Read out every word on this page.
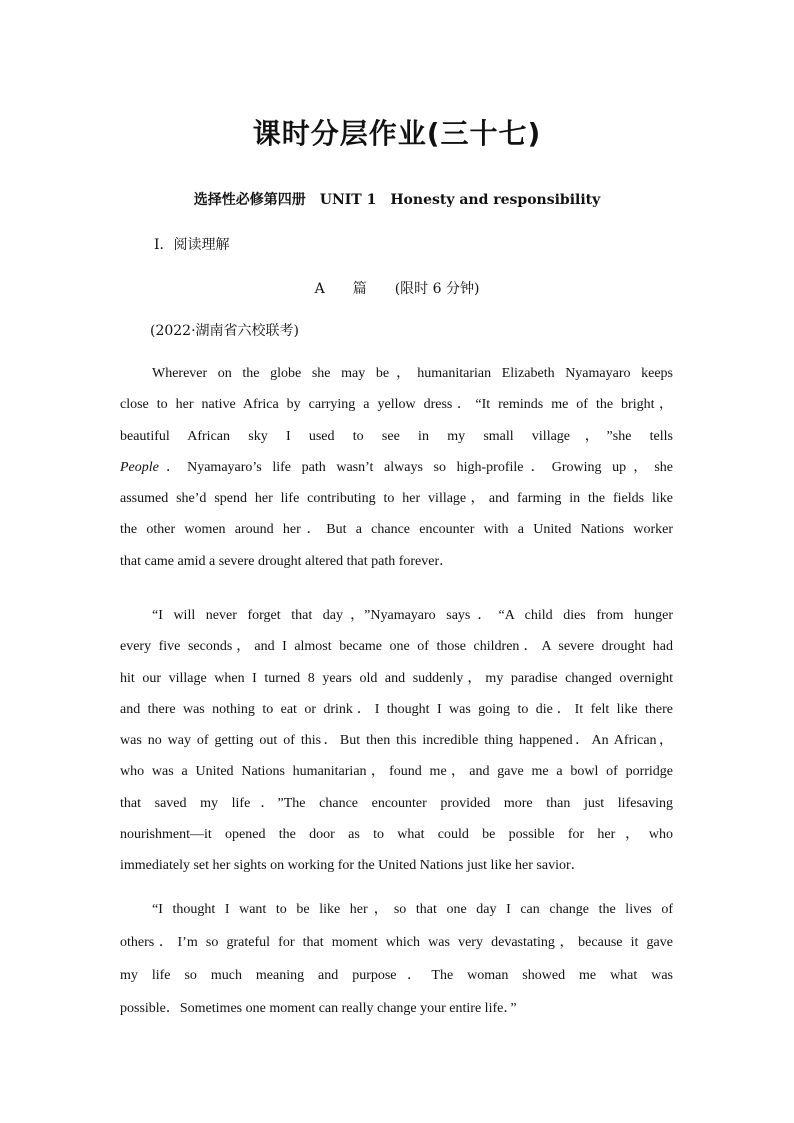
课时分层作业(三十七)
选择性必修第四册　UNIT 1　Honesty and responsibility
Ⅰ．阅读理解
A　　篇　　(限时 6 分钟)
(2022·湖南省六校联考)
Wherever on the globe she may be，humanitarian Elizabeth Nyamayaro keeps
close to her native Africa by carrying a yellow dress．“It reminds me of the bright，
beautiful African sky I used to see in my small village，”she tells
People．Nyamayaro’s life path wasn’t always so high-profile．Growing up，she
assumed she’d spend her life contributing to her village，and farming in the fields like
the other women around her．But a chance encounter with a United Nations worker
that came amid a severe drought altered that path forever．
“I will never forget that day，”Nyamayaro says．“A child dies from hunger
every five seconds，and I almost became one of those children．A severe drought had
hit our village when I turned 8 years old and suddenly，my paradise changed overnight
and there was nothing to eat or drink．I thought I was going to die．It felt like there
was no way of getting out of this．But then this incredible thing happened．An African，
who was a United Nations humanitarian，found me，and gave me a bowl of porridge
that saved my life．”The chance encounter provided more than just lifesaving
nourishment—it opened the door as to what could be possible for her，who
immediately set her sights on working for the United Nations just like her savior．
“I thought I want to be like her，so that one day I can change the lives of
others．I’m so grateful for that moment which was very devastating，because it gave
my life so much meaning and purpose．The woman showed me what was
possible．Sometimes one moment can really change your entire life．”
